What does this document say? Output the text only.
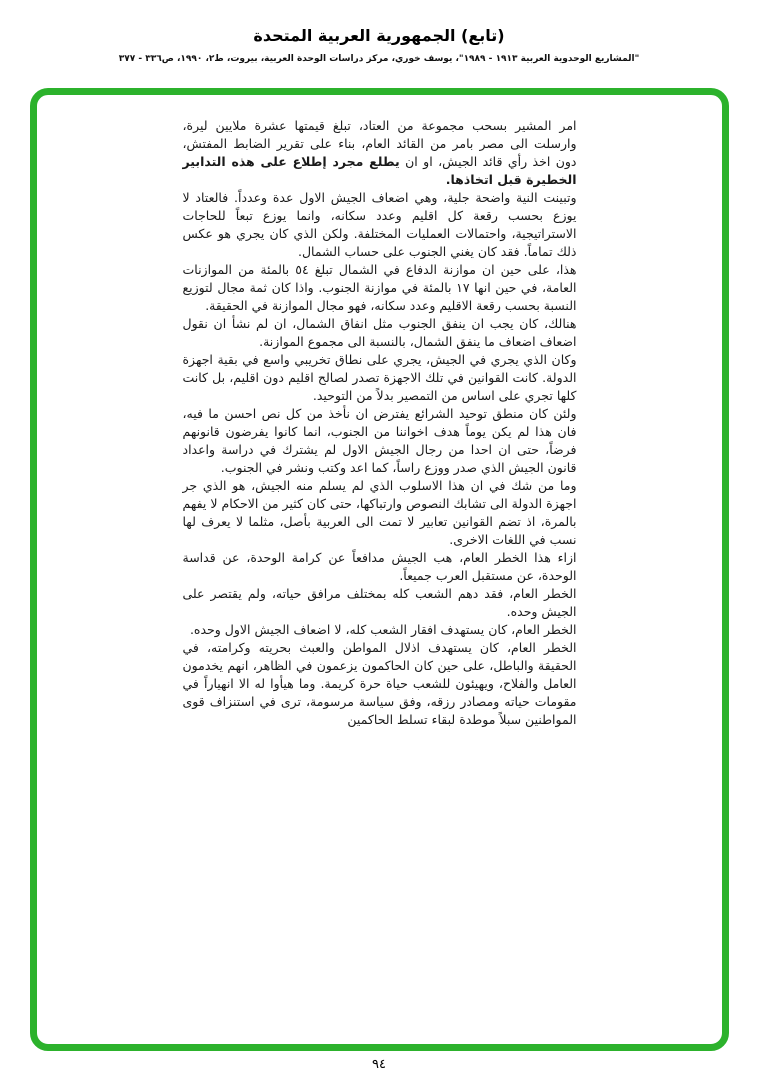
(تابع) الجمهورية العربية المتحدة
"المشاريع الوحدوية العربية ١٩١٣ - ١٩٨٩"، يوسف خوري، مركز دراسات الوحدة العربية، بيروت، ط٢، ١٩٩٠، ص٣٣٦ - ٣٧٧

امر المشير بسحب مجموعة من العتاد، تبلغ قيمتها عشرة ملايين ليرة، وارسلت الى مصر بامر من القائد العام، بناء على تقرير الضابط المفتش، دون اخذ رأي قائد الجيش، او ان يطلع مجرد إطلاع على هذه التدابير الخطيرة قبل اتخاذها.

وتبينت النية واضحة جلية، وهي اضعاف الجيش الاول عدة وعدداً. فالعتاد لا يوزع بحسب رقعة كل اقليم وعدد سكانه، وانما يوزع تبعاً للحاجات الاستراتيجية، واحتمالات العمليات المختلفة. ولكن الذي كان يجري هو عكس ذلك تماماً. فقد كان يغني الجنوب على حساب الشمال.

هذا، على حين ان موازنة الدفاع في الشمال تبلغ ٥٤ بالمئة من الموازنات العامة، في حين انها ١٧ بالمئة في موازنة الجنوب. واذا كان ثمة مجال لتوزيع النسبة بحسب رقعة الاقليم وعدد سكانه، فهو مجال الموازنة في الحقيقة.

هنالك، كان يجب ان ينفق الجنوب مثل انفاق الشمال، ان لم نشأ ان نقول اضعاف اضعاف ما ينفق الشمال، بالنسبة الى مجموع الموازنة.

وكان الذي يجري في الجيش، يجري على نطاق تخريبي واسع في بقية اجهزة الدولة. كانت القوانين في تلك الاجهزة تصدر لصالح اقليم دون اقليم، بل كانت كلها تجري على اساس من التمصير بدلاً من التوحيد.

ولئن كان منطق توحيد الشرائع يفترض ان نأخذ من كل نص احسن ما فيه، فان هذا لم يكن يوماً هدف اخواننا من الجنوب، انما كانوا يفرضون قانونهم فرضاً، حتى ان احدا من رجال الجيش الاول لم يشترك في دراسة واعداد قانون الجيش الذي صدر ووزع راساً، كما اعد وكتب ونشر في الجنوب.

وما من شك في ان هذا الاسلوب الذي لم يسلم منه الجيش، هو الذي جر اجهزة الدولة الى تشابك النصوص وارتباكها، حتى كان كثير من الاحكام لا يفهم بالمرة، اذ تضم القوانين تعابير لا تمت الى العربية بأصل، مثلما لا يعرف لها نسب في اللغات الاخرى.

ازاء هذا الخطر العام، هب الجيش مدافعاً عن كرامة الوحدة، عن قداسة الوحدة، عن مستقبل العرب جميعاً.

الخطر العام، فقد دهم الشعب كله بمختلف مرافق حياته، ولم يقتصر على الجيش وحده.

الخطر العام، كان يستهدف افقار الشعب كله، لا اضعاف الجيش الاول وحده.

الخطر العام، كان يستهدف اذلال المواطن والعبث بحريته وكرامته، في الحقيقة والباطل، على حين كان الحاكمون يزعمون في الظاهر، انهم يخدمون العامل والفلاح، ويهيئون للشعب حياة حرة كريمة. وما هيأوا له الا انهياراً في مقومات حياته ومصادر رزقه، وفق سياسة مرسومة، ترى في استنزاف قوى المواطنين سبلاً موطدة لبقاء تسلط الحاكمين

٩٤
